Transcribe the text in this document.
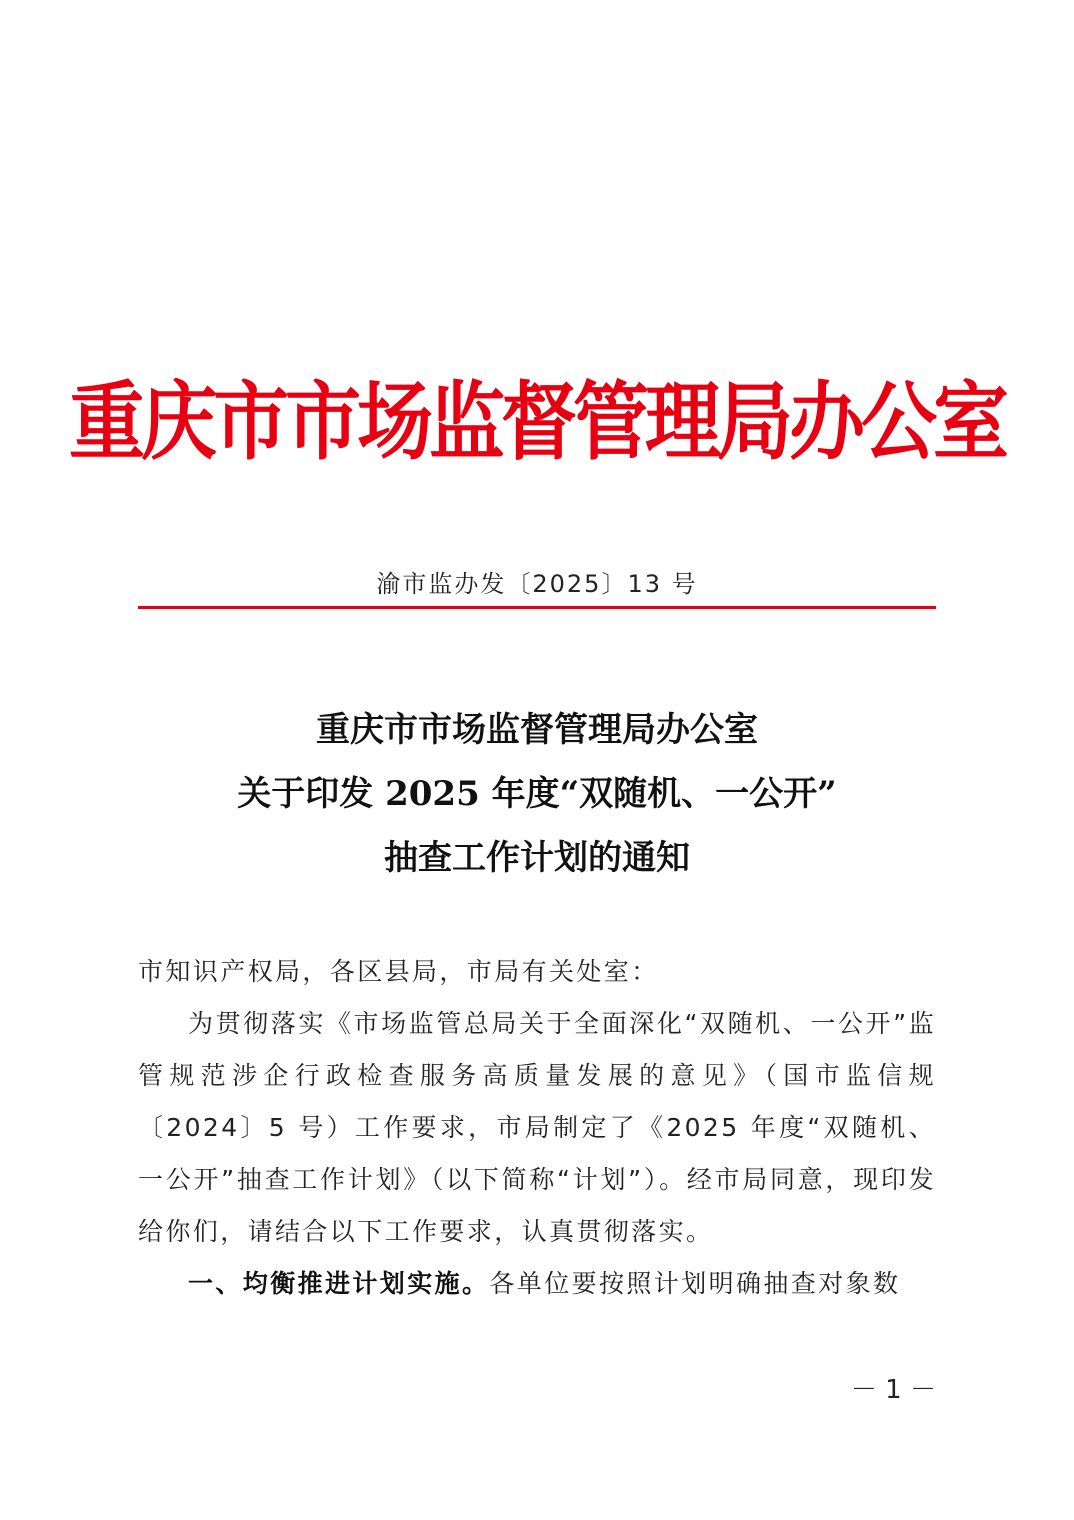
重庆市市场监督管理局办公室
渝市监办发〔2025〕13 号
重庆市市场监督管理局办公室
关于印发 2025 年度“双随机、一公开”
抽查工作计划的通知

市知识产权局，各区县局，市局有关处室：

为贯彻落实《市场监管总局关于全面深化“双随机、一公开”监管规范涉企行政检查服务高质量发展的意见》（国市监信规〔2024〕5 号）工作要求，市局制定了《2025 年度“双随机、一公开”抽查工作计划》（以下简称“计划”）。经市局同意，现印发给你们，请结合以下工作要求，认真贯彻落实。

一、均衡推进计划实施。各单位要按照计划明确抽查对象数

－ 1 －
